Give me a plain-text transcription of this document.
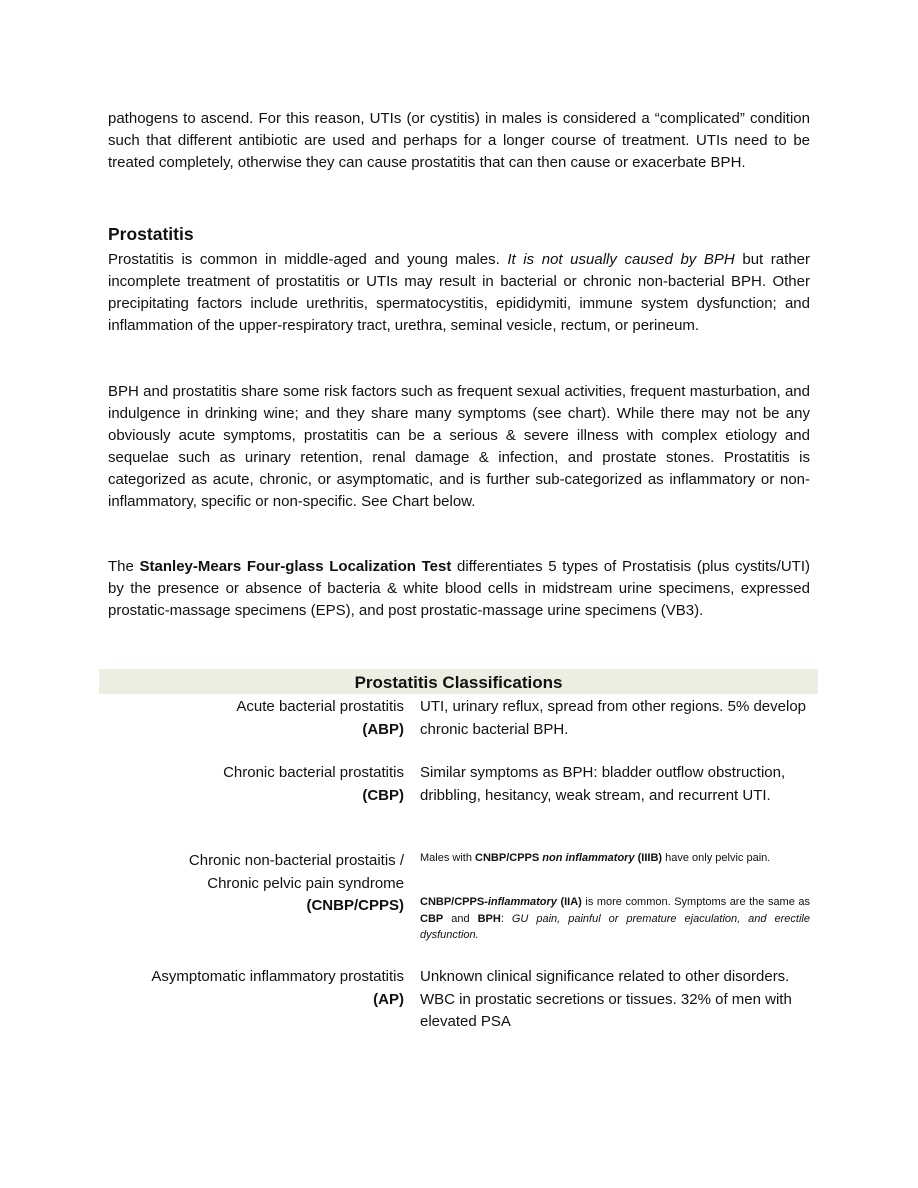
pathogens to ascend. For this reason, UTIs (or cystitis) in males is considered a “complicated” condition such that different antibiotic are used and perhaps for a longer course of treatment. UTIs need to be treated completely, otherwise they can cause prostatitis that can then cause or exacerbate BPH.

Prostatitis

Prostatitis is common in middle-aged and young males. It is not usually caused by BPH but rather incomplete treatment of prostatitis or UTIs may result in bacterial or chronic non-bacterial BPH. Other precipitating factors include urethritis, spermatocystitis, epididymiti, immune system dysfunction; and inflammation of the upper-respiratory tract, urethra, seminal vesicle, rectum, or perineum.

BPH and prostatitis share some risk factors such as frequent sexual activities, frequent masturbation, and indulgence in drinking wine; and they share many symptoms (see chart). While there may not be any obviously acute symptoms, prostatitis can be a serious & severe illness with complex etiology and sequelae such as urinary retention, renal damage & infection, and prostate stones. Prostatitis is categorized as acute, chronic, or asymptomatic, and is further sub-categorized as inflammatory or non-inflammatory, specific or non-specific. See Chart below.

The Stanley-Mears Four-glass Localization Test differentiates 5 types of Prostatisis (plus cystits/UTI) by the presence or absence of bacteria & white blood cells in midstream urine specimens, expressed prostatic-massage specimens (EPS), and post prostatic-massage urine specimens (VB3).

Prostatitis Classifications
Acute bacterial prostatitis
(ABP)
UTI, urinary reflux, spread from other regions. 5% develop chronic bacterial BPH.
Chronic bacterial prostatitis
(CBP)
Similar symptoms as BPH: bladder outflow obstruction, dribbling, hesitancy, weak stream, and recurrent UTI.
Chronic non-bacterial prostaitis /
Chronic pelvic pain syndrome
(CNBP/CPPS)
Males with CNBP/CPPS non inflammatory (IIIB) have only pelvic pain.
CNBP/CPPS-inflammatory (IIA) is more common. Symptoms are the same as CBP and BPH: GU pain, painful or premature ejaculation, and erectile dysfunction.
Asymptomatic inflammatory prostatitis
(AP)
Unknown clinical significance related to other disorders. WBC in prostatic secretions or tissues. 32% of men with elevated PSA
